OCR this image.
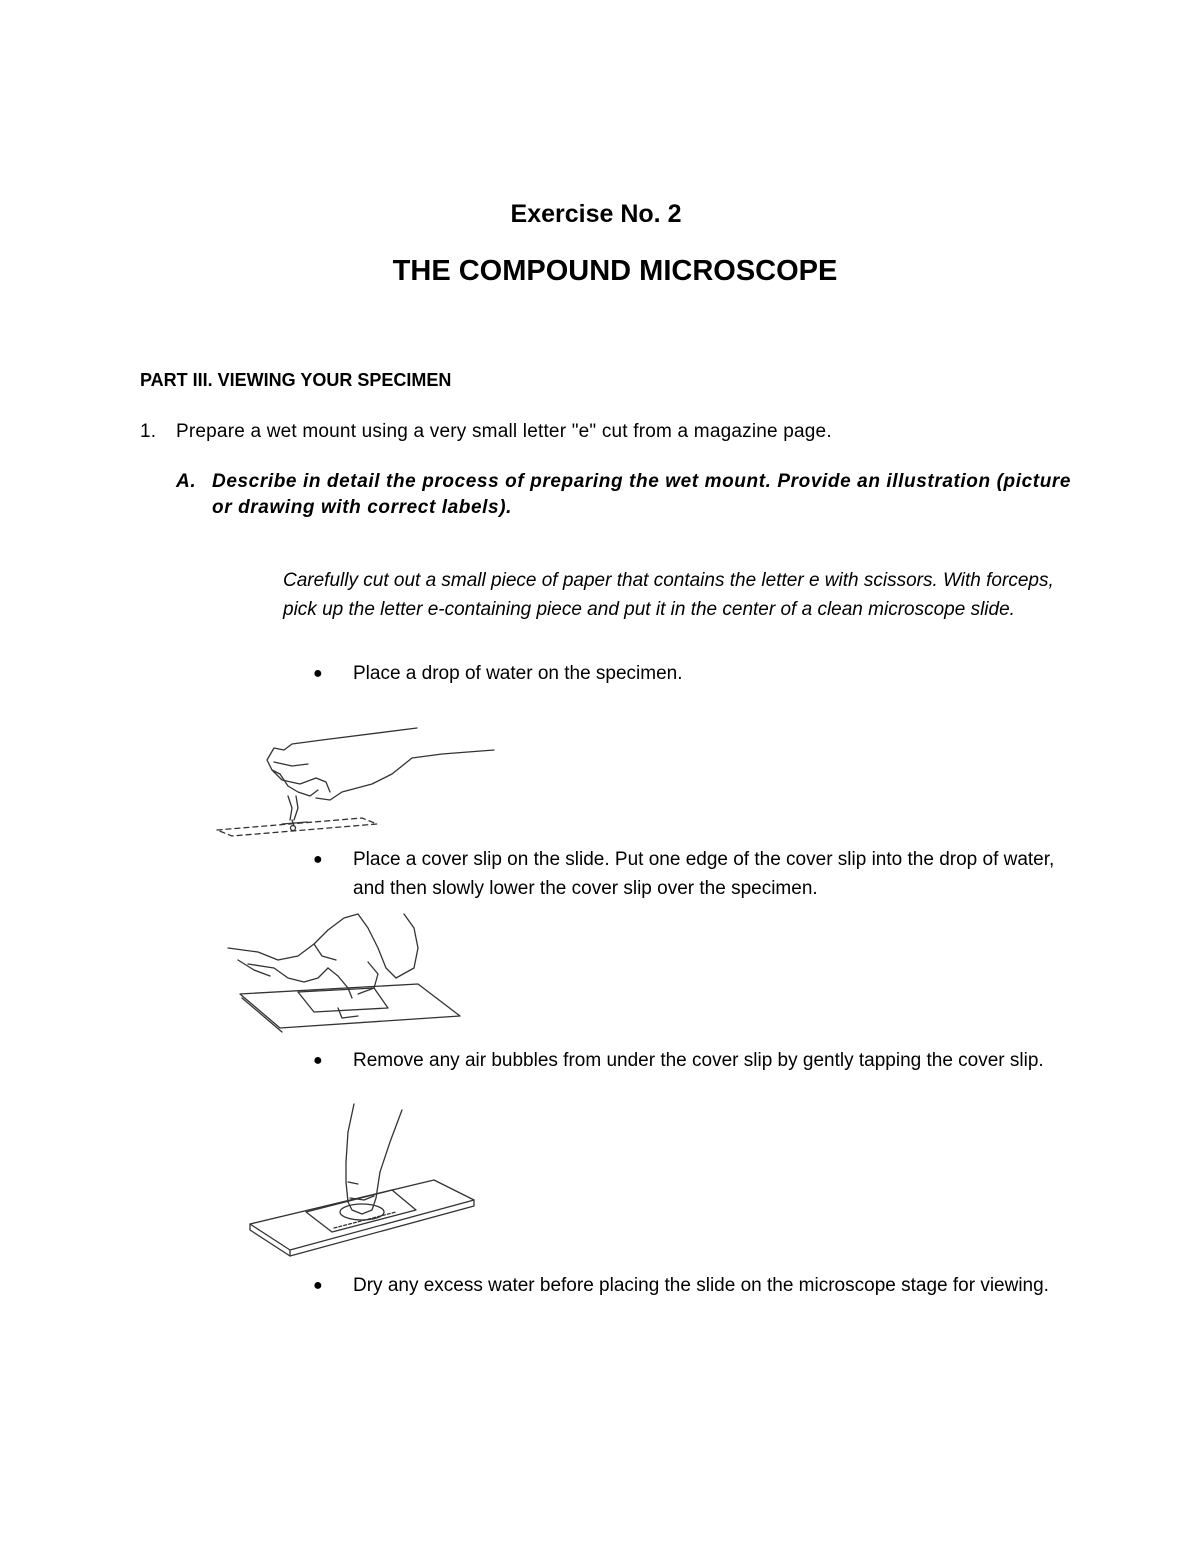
Exercise No. 2
THE COMPOUND MICROSCOPE
PART III. VIEWING YOUR SPECIMEN
1. Prepare a wet mount using a very small letter "e" cut from a magazine page.
A. Describe in detail the process of preparing the wet mount. Provide an illustration (picture or drawing with correct labels).
Carefully cut out a small piece of paper that contains the letter e with scissors. With forceps, pick up the letter e-containing piece and put it in the center of a clean microscope slide.
● Place a drop of water on the specimen.
● Place a cover slip on the slide. Put one edge of the cover slip into the drop of water, and then slowly lower the cover slip over the specimen.
● Remove any air bubbles from under the cover slip by gently tapping the cover slip.
● Dry any excess water before placing the slide on the microscope stage for viewing.
